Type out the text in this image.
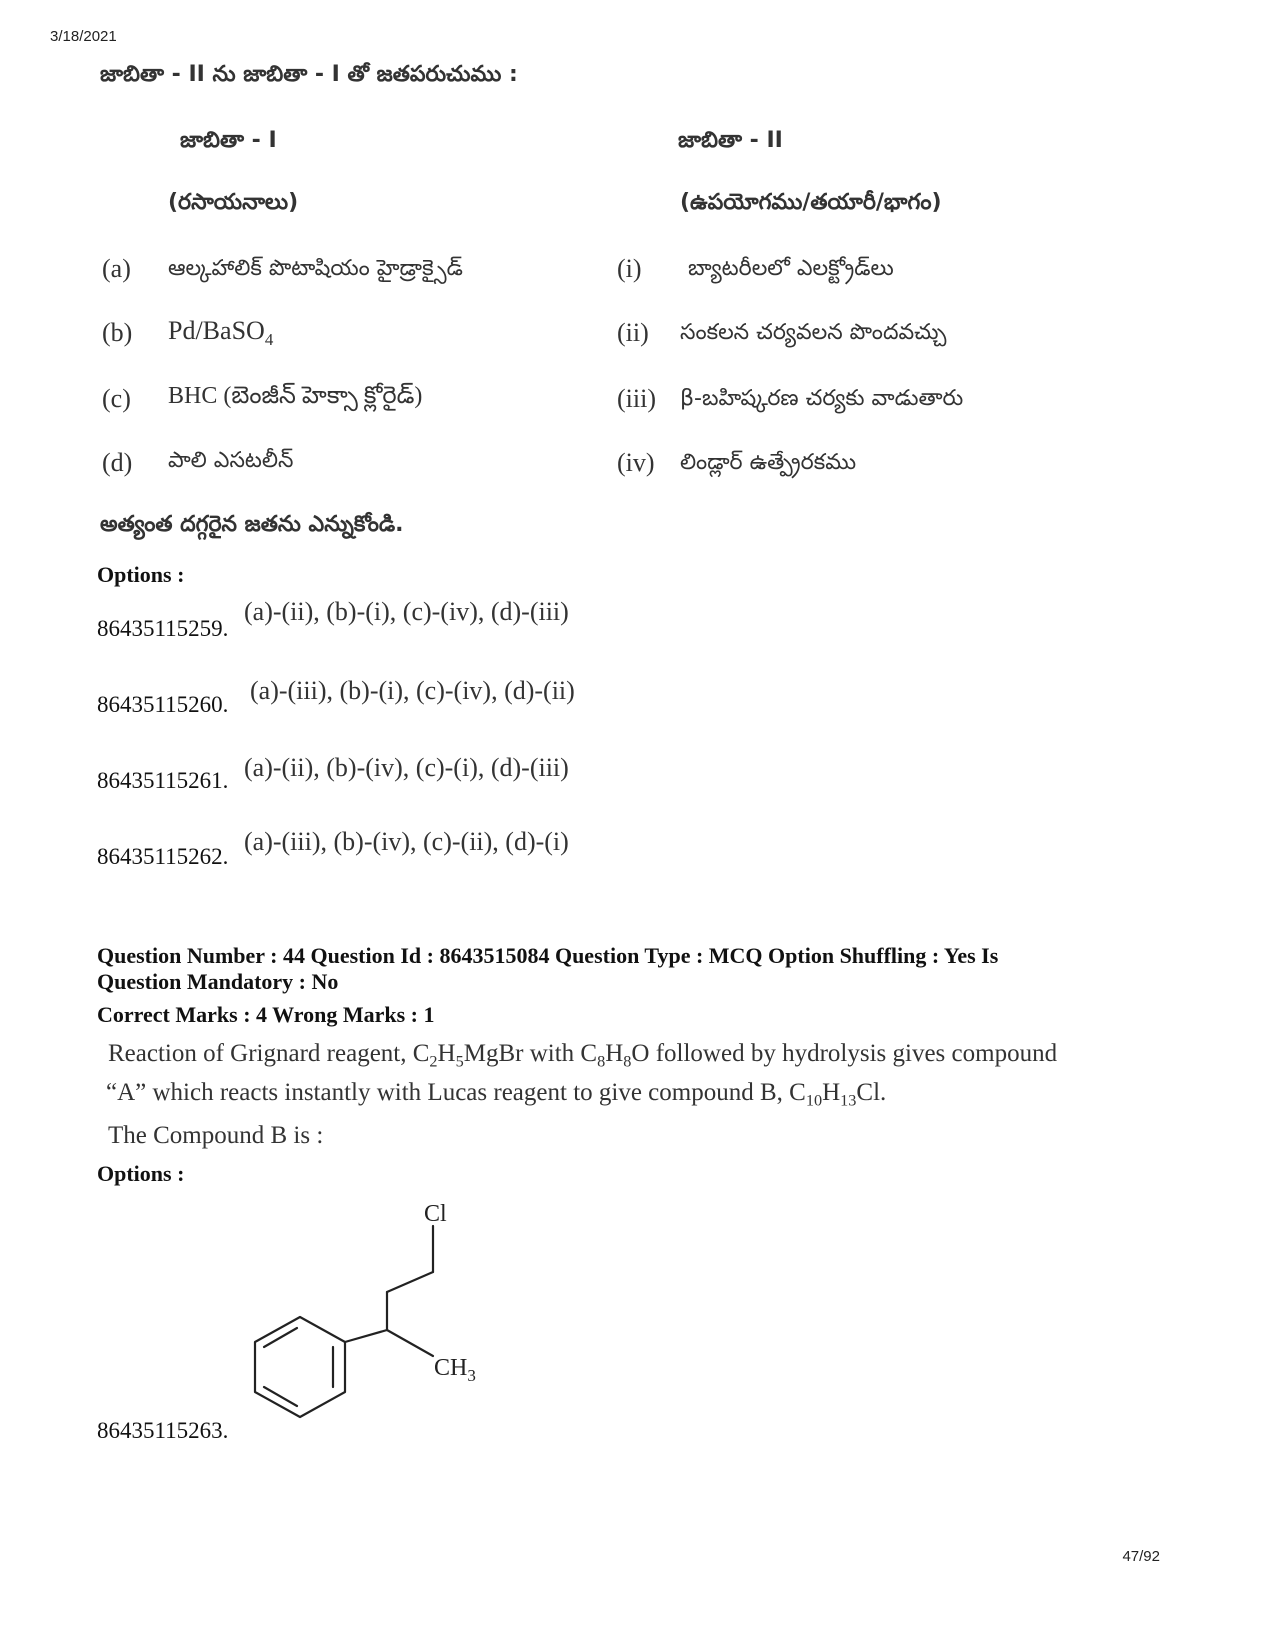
3/18/2021
జాబితా - II ను జాబితా - I తో జతపరుచుము :
జాబితా - I
(రసాయనాలు)
జాబితా - II
(ఉపయోగము/తయారీ/భాగం)
(a) ఆల్కహాలిక్ పొటాషియం హైడ్రాక్సైడ్
(b) Pd/BaSO$_4$
(c) BHC (బెంజీన్ హెక్సా క్లోరైడ్)
(d) పాలి ఎసటలీన్
(i) బ్యాటరీలలో ఎలక్ట్రోడ్‌లు
(ii) సంకలన చర్యవలన పొందవచ్చు
(iii) β-బహిష్కరణ చర్యకు వాడుతారు
(iv) లిండ్లార్ ఉత్ప్రేరకము
అత్యంత దగ్గరైన జతను ఎన్నుకోండి.
Options :
86435115259.
(a)-(ii), (b)-(i), (c)-(iv), (d)-(iii)
86435115260. (a)-(iii), (b)-(i), (c)-(iv), (d)-(ii)
86435115261. (a)-(ii), (b)-(iv), (c)-(i), (d)-(iii)
86435115262.
(a)-(iii), (b)-(iv), (c)-(ii), (d)-(i)
Question Number : 44 Question Id : 8643515084 Question Type : MCQ Option Shuffling : Yes Is
Question Mandatory : No
Correct Marks : 4 Wrong Marks : 1
Reaction of Grignard reagent, $C_2H_5MgBr$ with $C_8H_8O$ followed by hydrolysis gives compound
“A” which reacts instantly with Lucas reagent to give compound B, $C_{10}H_{13}Cl$.
The Compound B is :
Options :
Cl
$CH_3$
86435115263.
47/92
